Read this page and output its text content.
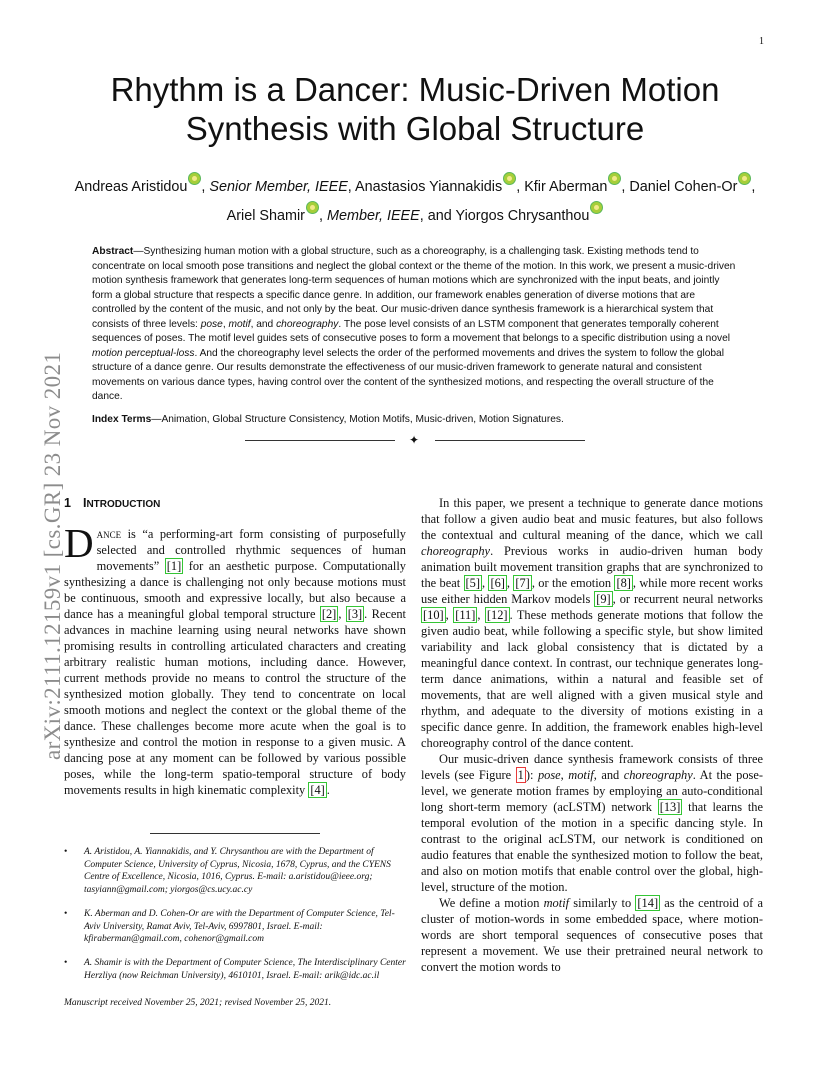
1
arXiv:2111.12159v1 [cs.GR] 23 Nov 2021
Rhythm is a Dancer: Music-Driven Motion Synthesis with Global Structure
Andreas Aristidou , Senior Member, IEEE, Anastasios Yiannakidis , Kfir Aberman , Daniel Cohen-Or ,
Ariel Shamir , Member, IEEE, and Yiorgos Chrysanthou
Abstract—Synthesizing human motion with a global structure, such as a choreography, is a challenging task. Existing methods tend to concentrate on local smooth pose transitions and neglect the global context or the theme of the motion. In this work, we present a music-driven motion synthesis framework that generates long-term sequences of human motions which are synchronized with the input beats, and jointly form a global structure that respects a specific dance genre. In addition, our framework enables generation of diverse motions that are controlled by the content of the music, and not only by the beat. Our music-driven dance synthesis framework is a hierarchical system that consists of three levels: pose, motif, and choreography. The pose level consists of an LSTM component that generates temporally coherent sequences of poses. The motif level guides sets of consecutive poses to form a movement that belongs to a specific distribution using a novel motion perceptual-loss. And the choreography level selects the order of the performed movements and drives the system to follow the global structure of a dance genre. Our results demonstrate the effectiveness of our music-driven framework to generate natural and consistent movements on various dance types, having control over the content of the synthesized motions, and respecting the overall structure of the dance.
Index Terms—Animation, Global Structure Consistency, Motion Motifs, Music-driven, Motion Signatures.
✦
1 INTRODUCTION

Dance is “a performing-art form consisting of purposefully selected and controlled rhythmic sequences of human movements” [1] for an aesthetic purpose. Computationally synthesizing a dance is challenging not only because motions must be continuous, smooth and expressive locally, but also because a dance has a meaningful global temporal structure [2] , [3] . Recent advances in machine learning using neural networks have shown promising results in controlling articulated characters and creating arbitrary realistic human motions, including dance. However, current methods provide no means to control the structure of the synthesized motion globally. They tend to concentrate on local smooth motions and neglect the context or the global theme of the dance. These challenges become more acute when the goal is to synthesize and control the motion in response to a given music. A dancing pose at any moment can be followed by various possible poses, while the long-term spatio-temporal structure of body movements results in high kinematic complexity [4] .

• A. Aristidou, A. Yiannakidis, and Y. Chrysanthou are with the Department of Computer Science, University of Cyprus, Nicosia, 1678, Cyprus, and the CYENS Centre of Excellence, Nicosia, 1016, Cyprus. E-mail: a.aristidou@ieee.org; tasyiann@gmail.com; yiorgos@cs.ucy.ac.cy
• K. Aberman and D. Cohen-Or are with the Department of Computer Science, Tel-Aviv University, Ramat Aviv, Tel-Aviv, 6997801, Israel. E-mail: kfiraberman@gmail.com, cohenor@gmail.com
• A. Shamir is with the Department of Computer Science, The Interdisciplinary Center Herzliya (now Reichman University), 4610101, Israel. E-mail: arik@idc.ac.il
Manuscript received November 25, 2021; revised November 25, 2021.

In this paper, we present a technique to generate dance motions that follow a given audio beat and music features, but also follows the contextual and cultural meaning of the dance, which we call choreography. Previous works in audio-driven human body animation built movement transition graphs that are synchronized to the beat [5] , [6] , [7] , or the emotion [8] , while more recent works use either hidden Markov models [9] , or recurrent neural networks [10] , [11] , [12] . These methods generate motions that follow the given audio beat, while following a specific style, but show limited variability and lack global consistency that is dictated by a meaningful dance context. In contrast, our technique generates long-term dance animations, within a natural and feasible set of movements, that are well aligned with a given musical style and rhythm, and adequate to the diversity of motions existing in a specific dance genre. In addition, the framework enables high-level choreography control of the dance content.

Our music-driven dance synthesis framework consists of three levels (see Figure 1 ): pose, motif, and choreography. At the pose-level, we generate motion frames by employing an auto-conditional long short-term memory (acLSTM) network [13] that learns the temporal evolution of the motion in a specific dancing style. In contrast to the original acLSTM, our network is conditioned on audio features that enable the synthesized motion to follow the beat, and also on motion motifs that enable control over the global, high-level, structure of the motion.

We define a motion motif similarly to [14] as the centroid of a cluster of motion-words in some embedded space, where motion-words are short temporal sequences of consecutive poses that represent a movement. We use their pretrained neural network to convert the motion words to
